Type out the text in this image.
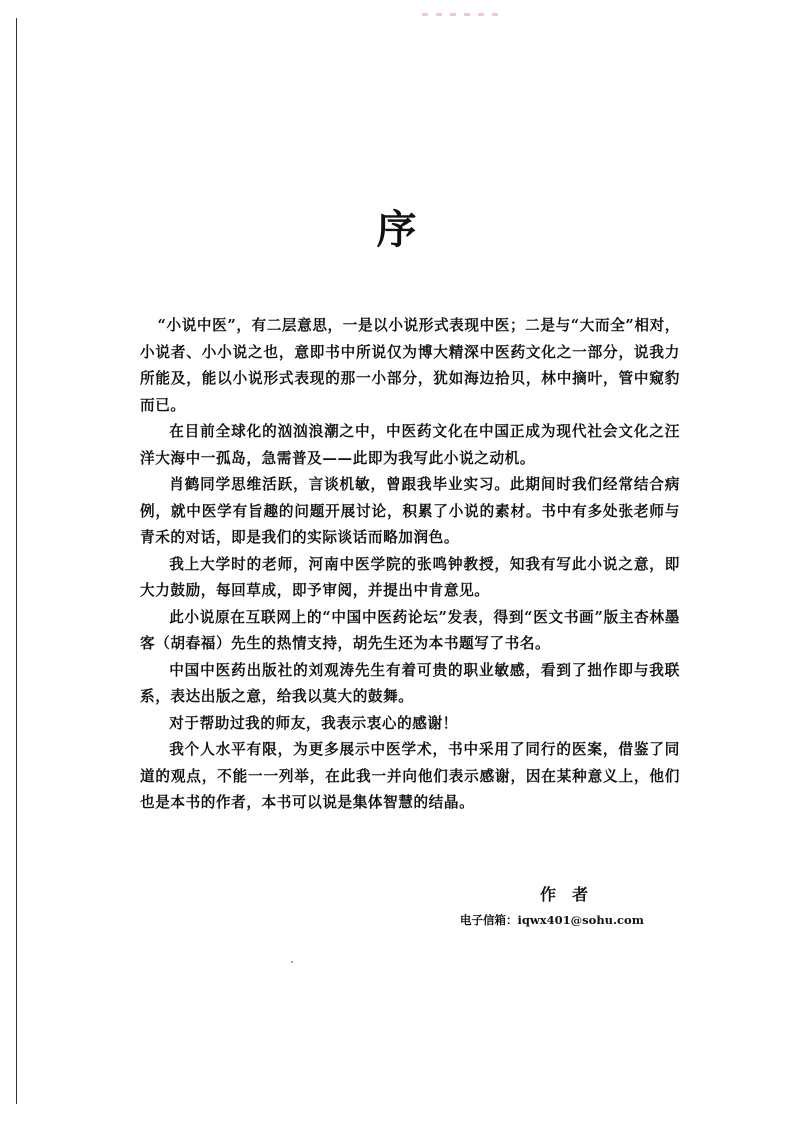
序

“小说中医”，有二层意思，一是以小说形式表现中医；二是与“大而全”相对，小说者、小小说之也，意即书中所说仅为博大精深中医药文化之一部分，说我力所能及，能以小说形式表现的那一小部分，犹如海边拾贝，林中摘叶，管中窥豹而已。

在目前全球化的汹汹浪潮之中，中医药文化在中国正成为现代社会文化之汪洋大海中一孤岛，急需普及——此即为我写此小说之动机。

肖鹤同学思维活跃，言谈机敏，曾跟我毕业实习。此期间时我们经常结合病例，就中医学有旨趣的问题开展讨论，积累了小说的素材。书中有多处张老师与青禾的对话，即是我们的实际谈话而略加润色。

我上大学时的老师，河南中医学院的张鸣钟教授，知我有写此小说之意，即大力鼓励，每回草成，即予审阅，并提出中肯意见。

此小说原在互联网上的“中国中医药论坛”发表，得到“医文书画”版主杏林墨客（胡春福）先生的热情支持，胡先生还为本书题写了书名。

中国中医药出版社的刘观涛先生有着可贵的职业敏感，看到了拙作即与我联系，表达出版之意，给我以莫大的鼓舞。

对于帮助过我的师友，我表示衷心的感谢！

我个人水平有限，为更多展示中医学术，书中采用了同行的医案，借鉴了同道的观点，不能一一列举，在此我一并向他们表示感谢，因在某种意义上，他们也是本书的作者，本书可以说是集体智慧的结晶。

作者
电子信箱：iqwx401@sohu.com
